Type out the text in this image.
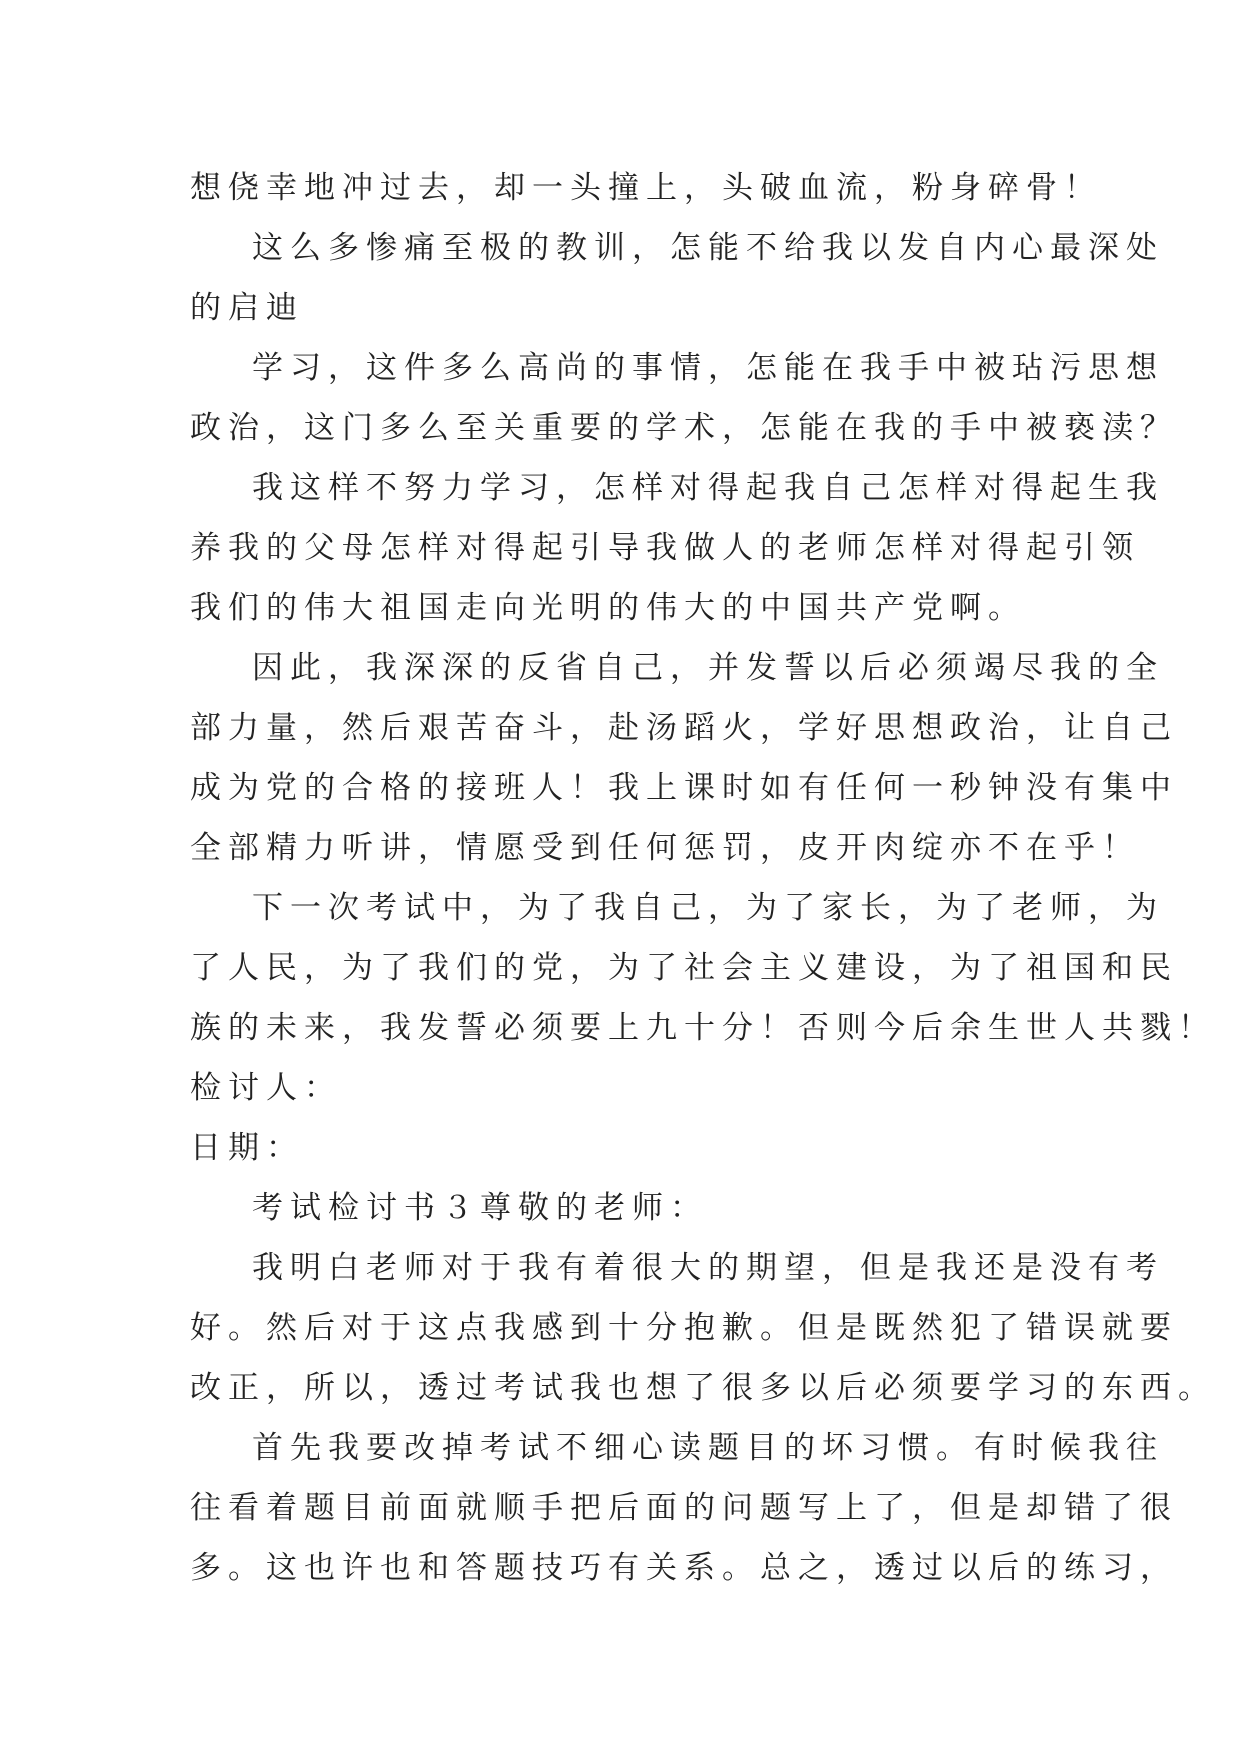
想侥幸地冲过去，却一头撞上，头破血流，粉身碎骨！
这么多惨痛至极的教训，怎能不给我以发自内心最深处
的启迪
学习，这件多么高尚的事情，怎能在我手中被玷污思想
政治，这门多么至关重要的学术，怎能在我的手中被亵渎？
我这样不努力学习，怎样对得起我自己怎样对得起生我
养我的父母怎样对得起引导我做人的老师怎样对得起引领
我们的伟大祖国走向光明的伟大的中国共产党啊。
因此，我深深的反省自己，并发誓以后必须竭尽我的全
部力量，然后艰苦奋斗，赴汤蹈火，学好思想政治，让自己
成为党的合格的接班人！我上课时如有任何一秒钟没有集中
全部精力听讲，情愿受到任何惩罚，皮开肉绽亦不在乎！
下一次考试中，为了我自己，为了家长，为了老师，为
了人民，为了我们的党，为了社会主义建设，为了祖国和民
族的未来，我发誓必须要上九十分！否则今后余生世人共戮！
检讨人：
日期：
考试检讨书３尊敬的老师：
我明白老师对于我有着很大的期望，但是我还是没有考
好。然后对于这点我感到十分抱歉。但是既然犯了错误就要
改正，所以，透过考试我也想了很多以后必须要学习的东西。
首先我要改掉考试不细心读题目的坏习惯。有时候我往
往看着题目前面就顺手把后面的问题写上了，但是却错了很
多。这也许也和答题技巧有关系。总之，透过以后的练习，
